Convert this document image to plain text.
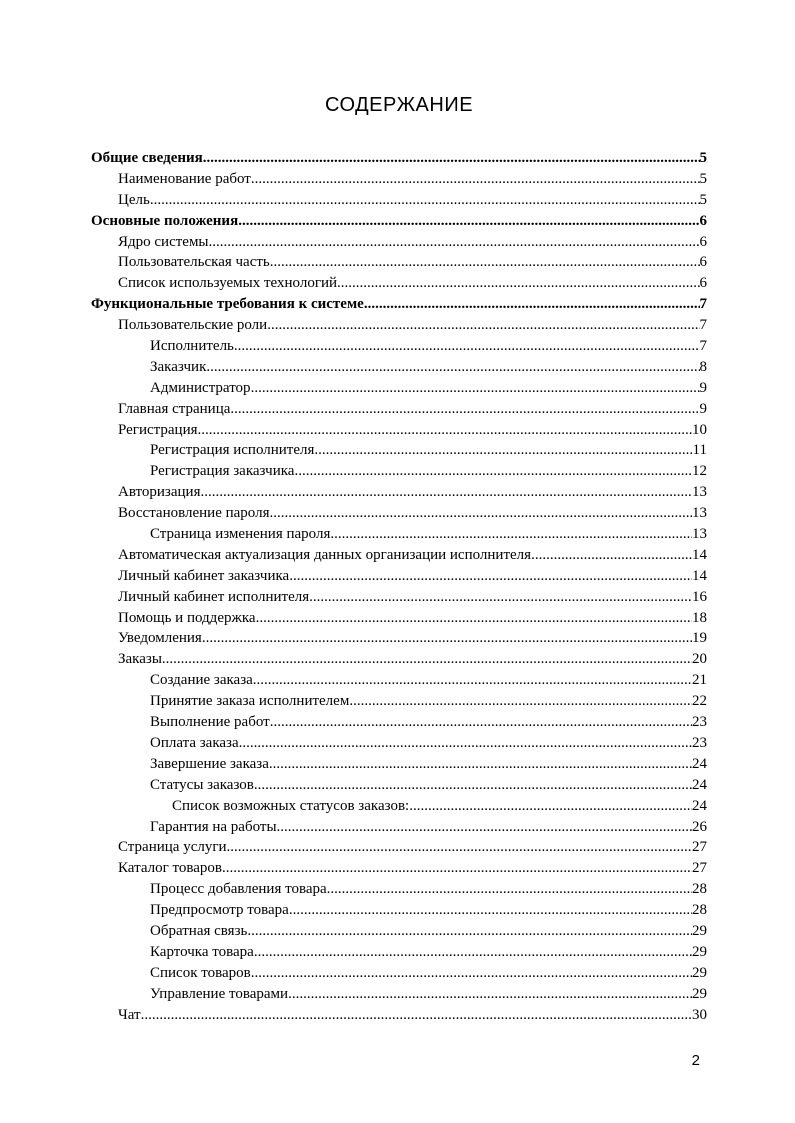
СОДЕРЖАНИЕ
Общие сведения .....	5
Наименование работ .....	5
Цель .....	5
Основные положения .....	6
Ядро системы .....	6
Пользовательская часть .....	6
Список используемых технологий .....	6
Функциональные требования к системе .....	7
Пользовательские роли .....	7
Исполнитель .....	7
Заказчик .....	8
Администратор .....	9
Главная страница .....	9
Регистрация .....	10
Регистрация исполнителя .....	11
Регистрация заказчика .....	12
Авторизация .....	13
Восстановление пароля .....	13
Страница изменения пароля .....	13
Автоматическая актуализация данных организации исполнителя .....	14
Личный кабинет заказчика .....	14
Личный кабинет исполнителя .....	16
Помощь и поддержка .....	18
Уведомления .....	19
Заказы .....	20
Создание заказа .....	21
Принятие заказа исполнителем .....	22
Выполнение работ .....	23
Оплата заказа .....	23
Завершение заказа .....	24
Статусы заказов .....	24
Список возможных статусов заказов: .....	24
Гарантия на работы .....	26
Страница услуги .....	27
Каталог товаров .....	27
Процесс добавления товара .....	28
Предпросмотр товара .....	28
Обратная связь .....	29
Карточка товара .....	29
Список товаров .....	29
Управление товарами .....	29
Чат .....	30
2
